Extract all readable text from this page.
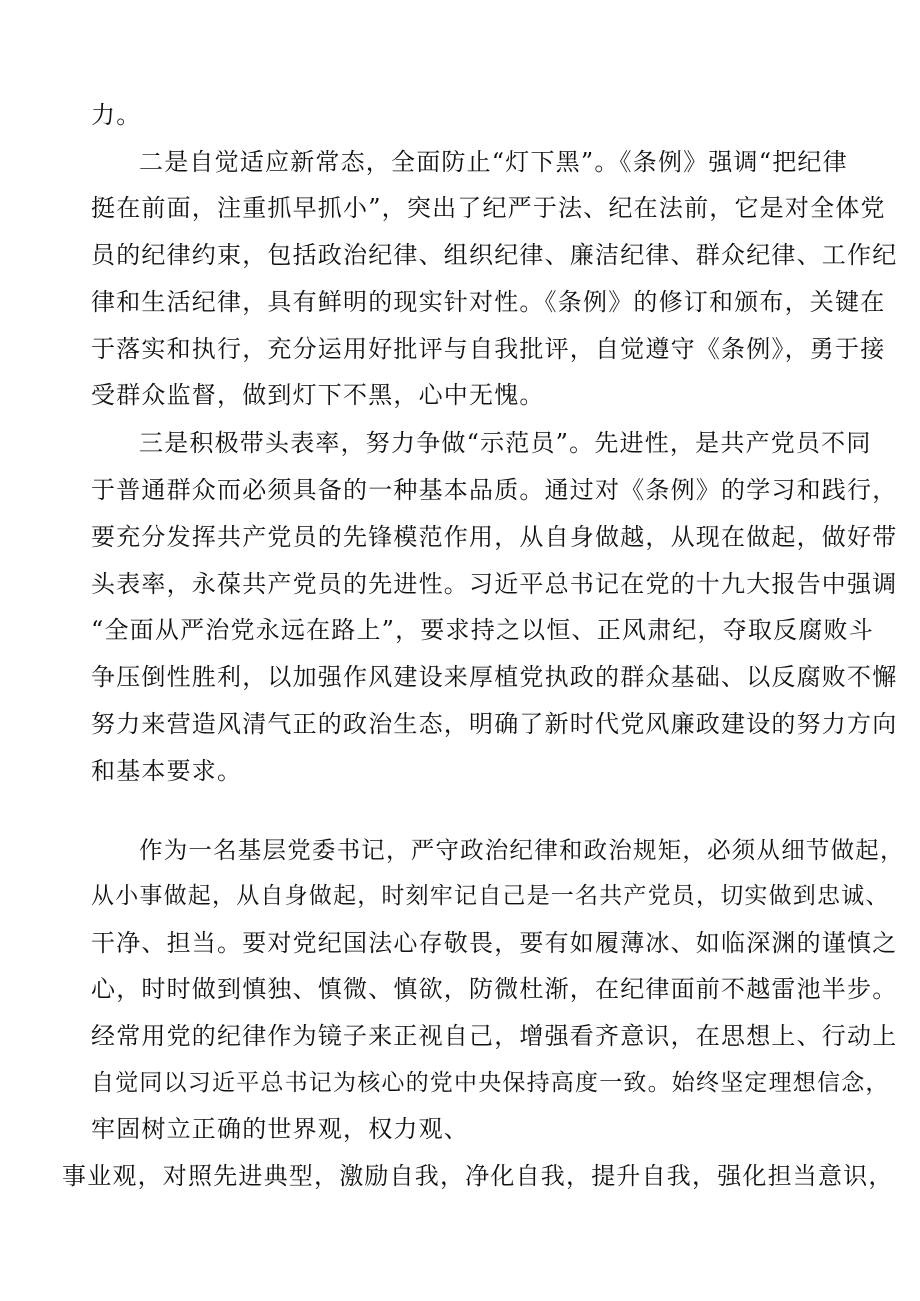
力。

二是自觉适应新常态，全面防止“灯下黑”。《条例》强调“把纪律

挺在前面，注重抓早抓小”，突出了纪严于法、纪在法前，它是对全体党

员的纪律约束，包括政治纪律、组织纪律、廉洁纪律、群众纪律、工作纪

律和生活纪律，具有鲜明的现实针对性。《条例》的修订和颁布，关键在

于落实和执行，充分运用好批评与自我批评，自觉遵守《条例》，勇于接

受群众监督，做到灯下不黑，心中无愧。

三是积极带头表率，努力争做“示范员”。先进性，是共产党员不同

于普通群众而必须具备的一种基本品质。通过对《条例》的学习和践行，

要充分发挥共产党员的先锋模范作用，从自身做越，从现在做起，做好带

头表率，永葆共产党员的先进性。习近平总书记在党的十九大报告中强调

“全面从严治党永远在路上”，要求持之以恒、正风肃纪，夺取反腐败斗

争压倒性胜利，以加强作风建设来厚植党执政的群众基础、以反腐败不懈

努力来营造风清气正的政治生态，明确了新时代党风廉政建设的努力方向

和基本要求。

作为一名基层党委书记，严守政治纪律和政治规矩，必须从细节做起，

从小事做起，从自身做起，时刻牢记自己是一名共产党员，切实做到忠诚、

干净、担当。要对党纪国法心存敬畏，要有如履薄冰、如临深渊的谨慎之

心，时时做到慎独、慎微、慎欲，防微杜渐，在纪律面前不越雷池半步。

经常用党的纪律作为镜子来正视自己，增强看齐意识，在思想上、行动上

自觉同以习近平总书记为核心的党中央保持高度一致。始终坚定理想信念，

牢固树立正确的世界观，权力观、

事业观，对照先进典型，激励自我，净化自我，提升自我，强化担当意识，
